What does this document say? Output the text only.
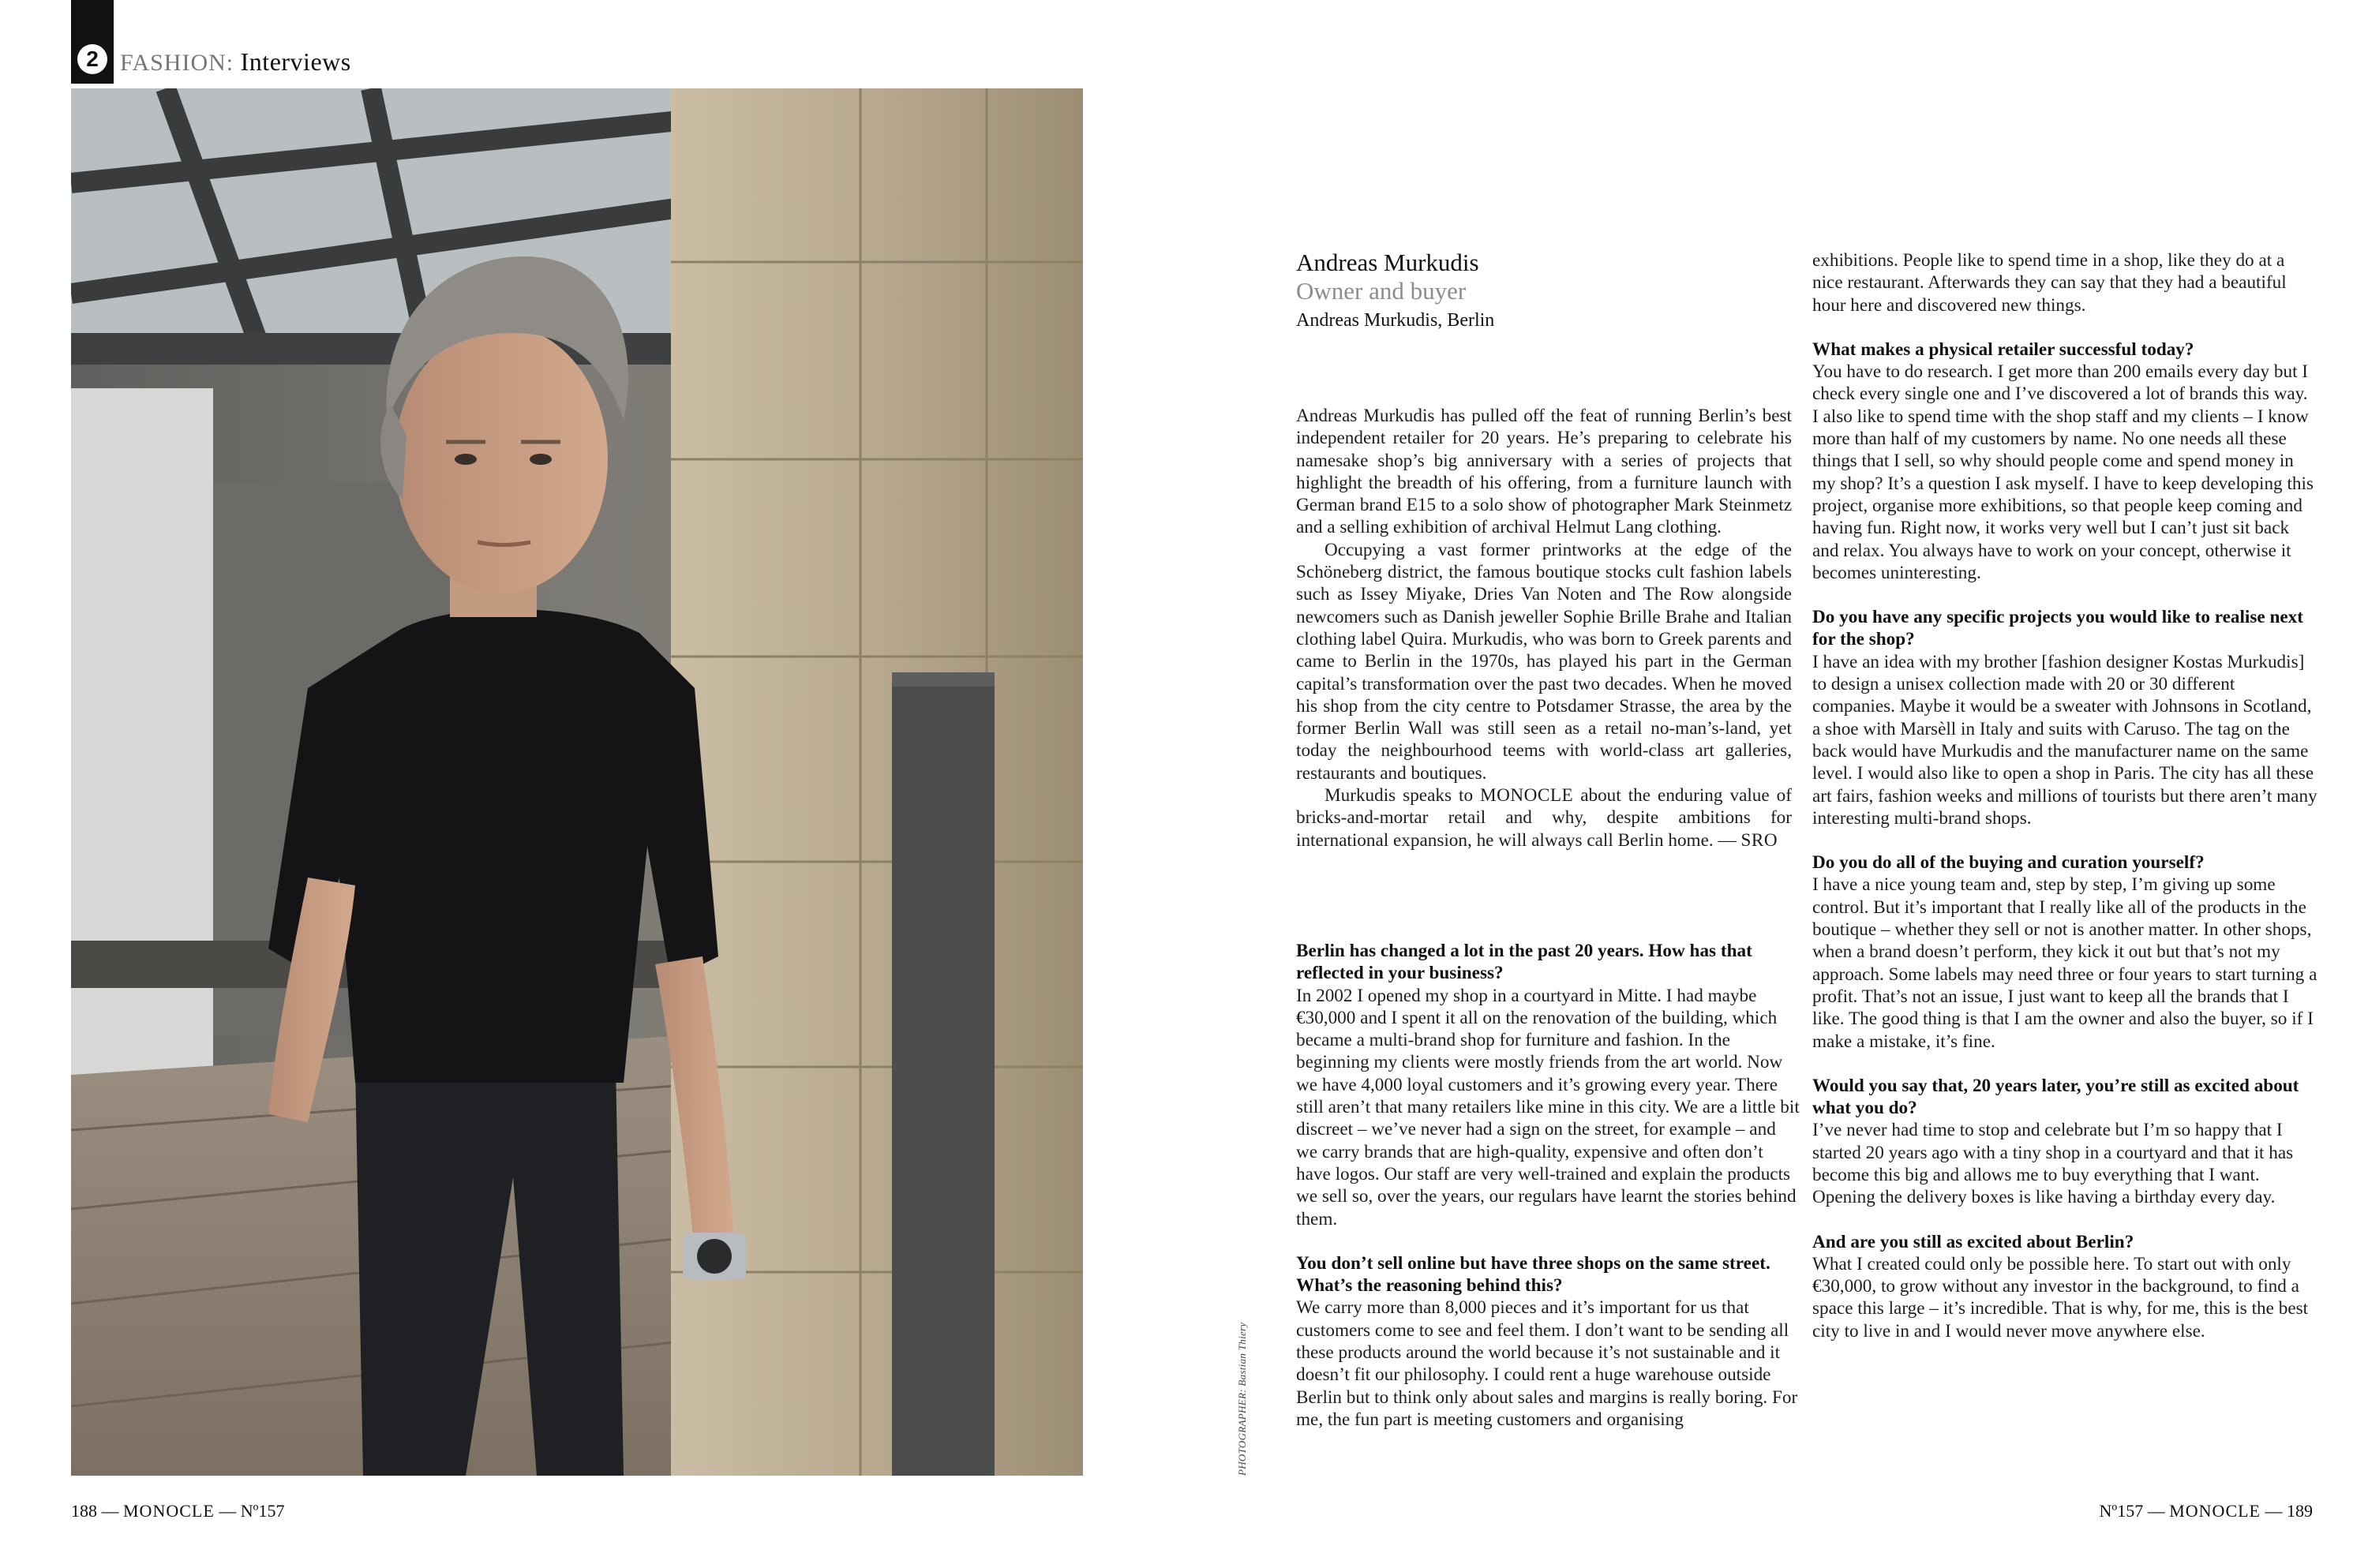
2 FASHION: Interviews
PHOTOGRAPHER: Bastian Thiery
Andreas Murkudis
Owner and buyer
Andreas Murkudis, Berlin

Andreas Murkudis has pulled off the feat of running Berlin’s best independent retailer for 20 years. He’s preparing to celebrate his namesake shop’s big anniversary with a series of projects that highlight the breadth of his offering, from a furniture launch with German brand E15 to a solo show of photographer Mark Steinmetz and a selling exhibition of archival Helmut Lang clothing.

Occupying a vast former printworks at the edge of the Schöneberg district, the famous boutique stocks cult fashion labels such as Issey Miyake, Dries Van Noten and The Row alongside newcomers such as Danish jeweller Sophie Brille Brahe and Italian clothing label Quira. Murkudis, who was born to Greek parents and came to Berlin in the 1970s, has played his part in the German capital’s transformation over the past two decades. When he moved his shop from the city centre to Potsdamer Strasse, the area by the former Berlin Wall was still seen as a retail no-man’s-land, yet today the neighbourhood teems with world-class art galleries, restaurants and boutiques.

Murkudis speaks to MONOCLE about the enduring value of bricks-and-mortar retail and why, despite ambitions for international expansion, he will always call Berlin home. — SRO

Berlin has changed a lot in the past 20 years. How has that reflected in your business?

In 2002 I opened my shop in a courtyard in Mitte. I had maybe €30,000 and I spent it all on the renovation of the building, which became a multi-brand shop for furniture and fashion. In the beginning my clients were mostly friends from the art world. Now we have 4,000 loyal customers and it’s growing every year. There still aren’t that many retailers like mine in this city. We are a little bit discreet – we’ve never had a sign on the street, for example – and we carry brands that are high-quality, expensive and often don’t have logos. Our staff are very well-trained and explain the products we sell so, over the years, our regulars have learnt the stories behind them.

You don’t sell online but have three shops on the same street. What’s the reasoning behind this?

We carry more than 8,000 pieces and it’s important for us that customers come to see and feel them. I don’t want to be sending all these products around the world because it’s not sustainable and it doesn’t fit our philosophy. I could rent a huge warehouse outside Berlin but to think only about sales and margins is really boring. For me, the fun part is meeting customers and organising

exhibitions. People like to spend time in a shop, like they do at a nice restaurant. Afterwards they can say that they had a beautiful hour here and discovered new things.

What makes a physical retailer successful today?

You have to do research. I get more than 200 emails every day but I check every single one and I’ve discovered a lot of brands this way. I also like to spend time with the shop staff and my clients – I know more than half of my customers by name. No one needs all these things that I sell, so why should people come and spend money in my shop? It’s a question I ask myself. I have to keep developing this project, organise more exhibitions, so that people keep coming and having fun. Right now, it works very well but I can’t just sit back and relax. You always have to work on your concept, otherwise it becomes uninteresting.

Do you have any specific projects you would like to realise next for the shop?

I have an idea with my brother [fashion designer Kostas Murkudis] to design a unisex collection made with 20 or 30 different companies. Maybe it would be a sweater with Johnsons in Scotland, a shoe with Marsèll in Italy and suits with Caruso. The tag on the back would have Murkudis and the manufacturer name on the same level. I would also like to open a shop in Paris. The city has all these art fairs, fashion weeks and millions of tourists but there aren’t many interesting multi-brand shops.

Do you do all of the buying and curation yourself?

I have a nice young team and, step by step, I’m giving up some control. But it’s important that I really like all of the products in the boutique – whether they sell or not is another matter. In other shops, when a brand doesn’t perform, they kick it out but that’s not my approach. Some labels may need three or four years to start turning a profit. That’s not an issue, I just want to keep all the brands that I like. The good thing is that I am the owner and also the buyer, so if I make a mistake, it’s fine.

Would you say that, 20 years later, you’re still as excited about what you do?

I’ve never had time to stop and celebrate but I’m so happy that I started 20 years ago with a tiny shop in a courtyard and that it has become this big and allows me to buy everything that I want. Opening the delivery boxes is like having a birthday every day.

And are you still as excited about Berlin?

What I created could only be possible here. To start out with only €30,000, to grow without any investor in the background, to find a space this large – it’s incredible. That is why, for me, this is the best city to live in and I would never move anywhere else.

188 — MONOCLE — Nº157	Nº157 — MONOCLE — 189
